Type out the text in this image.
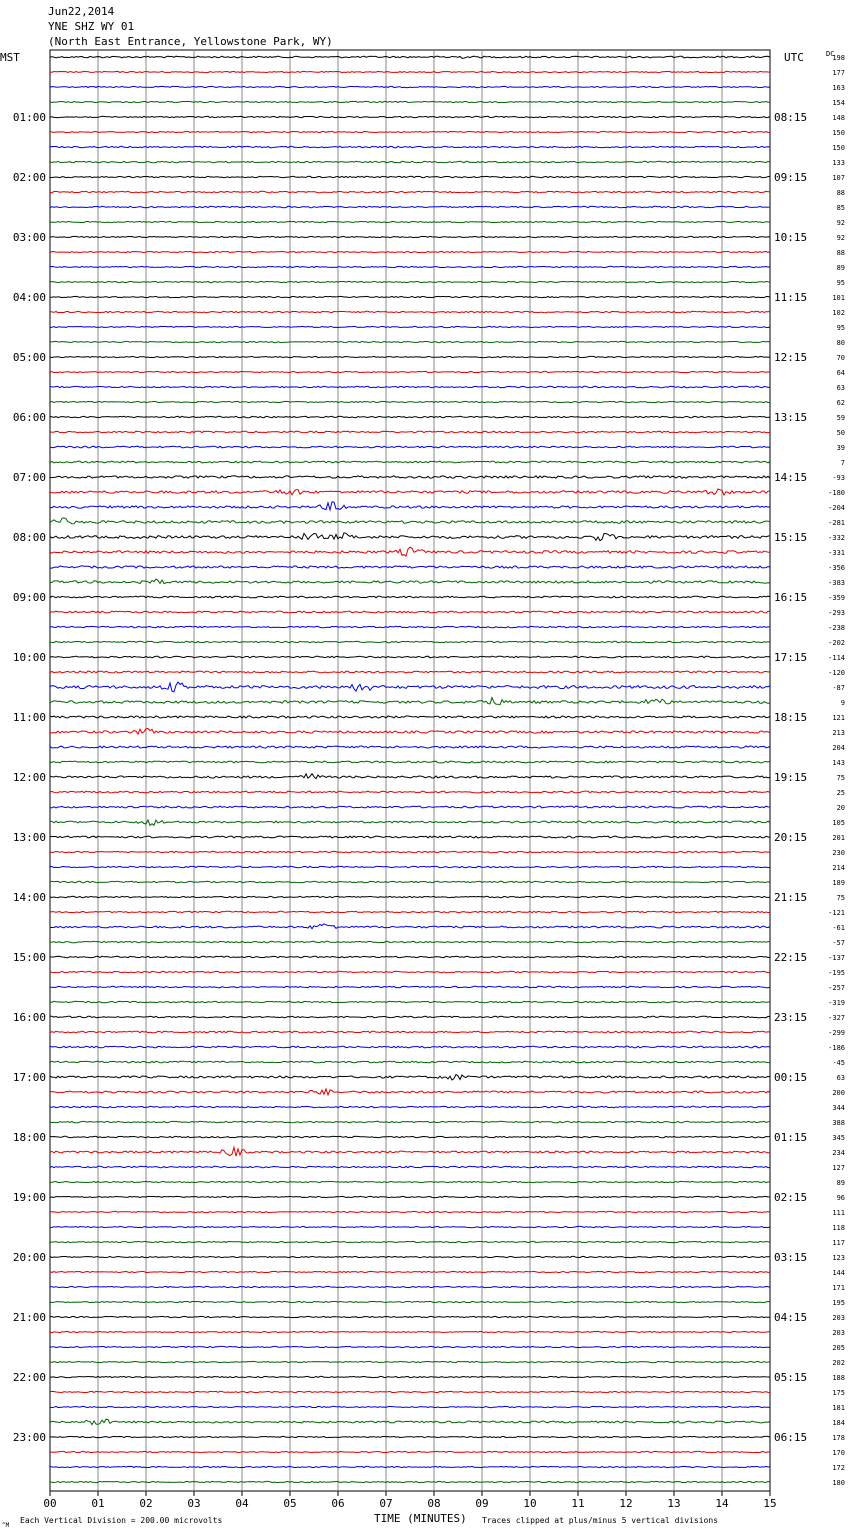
Jun22,2014
YNE SHZ WY 01
(North East Entrance, Yellowstone Park, WY)
00	01	02	03	04	05	06	07	08	09	10	11	12	13	14	15
198
177
163
154
148
150
150
133
107
88
85
92
92
88
89
95
101
102
95
80
70
64
63
62
59
50
39
7
-93
-180
-204
-281
-332
-331
-356
-383
-359
-293
-238
-202
-114
-120
-87
9
121
213
204
143
75
25
20
105
201
230
214
189
75
-121
-61
-57
-137
-195
-257
-319
-327
-299
-186
-45
63
200
344
388
345
234
127
89
96
111
118
117
123
144
171
195
203
203
205
202
188
175
181
184
178
170
172
180
01:00
02:00
03:00
04:00
05:00
06:00
07:00
08:00
09:00
10:00
11:00
12:00
13:00
14:00
15:00
16:00
17:00
18:00
19:00
20:00
21:00
22:00
23:00
08:15
09:15
10:15
11:15
12:15
13:15
14:15
15:15
16:15
17:15
18:15
19:15
20:15
21:15
22:15
23:15
00:15
01:15
02:15
03:15
04:15
05:15
06:15
MST	UTC	DC
^M
Each Vertical Division = 200.00 microvolts	TIME (MINUTES) Traces clipped at plus/minus 5 vertical divisions
